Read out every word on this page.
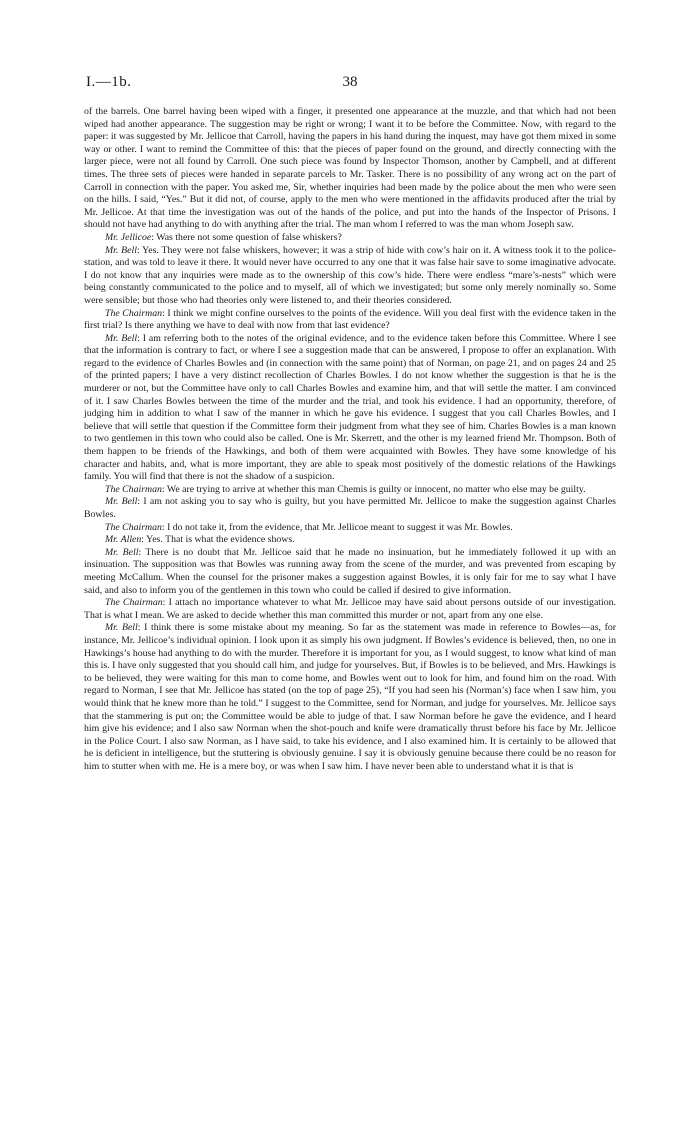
I.—1b.	38

of the barrels. One barrel having been wiped with a finger, it presented one appearance at the muzzle, and that which had not been wiped had another appearance. The suggestion may be right or wrong; I want it to be before the Committee. Now, with regard to the paper: it was suggested by Mr. Jellicoe that Carroll, having the papers in his hand during the inquest, may have got them mixed in some way or other. I want to remind the Committee of this: that the pieces of paper found on the ground, and directly connecting with the larger piece, were not all found by Carroll. One such piece was found by Inspector Thomson, another by Campbell, and at different times. The three sets of pieces were handed in separate parcels to Mr. Tasker. There is no possibility of any wrong act on the part of Carroll in connection with the paper. You asked me, Sir, whether inquiries had been made by the police about the men who were seen on the hills. I said, “Yes.” But it did not, of course, apply to the men who were mentioned in the affidavits produced after the trial by Mr. Jellicoe. At that time the investigation was out of the hands of the police, and put into the hands of the Inspector of Prisons. I should not have had anything to do with anything after the trial. The man whom I referred to was the man whom Joseph saw.

Mr. Jellicoe: Was there not some question of false whiskers?

Mr. Bell: Yes. They were not false whiskers, however; it was a strip of hide with cow’s hair on it. A witness took it to the police-station, and was told to leave it there. It would never have occurred to any one that it was false hair save to some imaginative advocate. I do not know that any inquiries were made as to the ownership of this cow’s hide. There were endless “mare’s-nests” which were being constantly communicated to the police and to myself, all of which we investigated; but some only merely nominally so. Some were sensible; but those who had theories only were listened to, and their theories considered.

The Chairman: I think we might confine ourselves to the points of the evidence. Will you deal first with the evidence taken in the first trial? Is there anything we have to deal with now from that last evidence?

Mr. Bell: I am referring both to the notes of the original evidence, and to the evidence taken before this Committee. Where I see that the information is contrary to fact, or where I see a suggestion made that can be answered, I propose to offer an explanation. With regard to the evidence of Charles Bowles and (in connection with the same point) that of Norman, on page 21, and on pages 24 and 25 of the printed papers; I have a very distinct recollection of Charles Bowles. I do not know whether the suggestion is that he is the murderer or not, but the Committee have only to call Charles Bowles and examine him, and that will settle the matter. I am convinced of it. I saw Charles Bowles between the time of the murder and the trial, and took his evidence. I had an opportunity, therefore, of judging him in addition to what I saw of the manner in which he gave his evidence. I suggest that you call Charles Bowles, and I believe that will settle that question if the Committee form their judgment from what they see of him. Charles Bowles is a man known to two gentlemen in this town who could also be called. One is Mr. Skerrett, and the other is my learned friend Mr. Thompson. Both of them happen to be friends of the Hawkings, and both of them were acquainted with Bowles. They have some knowledge of his character and habits, and, what is more important, they are able to speak most positively of the domestic relations of the Hawkings family. You will find that there is not the shadow of a suspicion.

The Chairman: We are trying to arrive at whether this man Chemis is guilty or innocent, no matter who else may be guilty.

Mr. Bell: I am not asking you to say who is guilty, but you have permitted Mr. Jellicoe to make the suggestion against Charles Bowles.

The Chairman: I do not take it, from the evidence, that Mr. Jellicoe meant to suggest it was Mr. Bowles.

Mr. Allen: Yes. That is what the evidence shows.

Mr. Bell: There is no doubt that Mr. Jellicoe said that he made no insinuation, but he immediately followed it up with an insinuation. The supposition was that Bowles was running away from the scene of the murder, and was prevented from escaping by meeting McCallum. When the counsel for the prisoner makes a suggestion against Bowles, it is only fair for me to say what I have said, and also to inform you of the gentlemen in this town who could be called if desired to give information.

The Chairman: I attach no importance whatever to what Mr. Jellicoe may have said about persons outside of our investigation. That is what I mean. We are asked to decide whether this man committed this murder or not, apart from any one else.

Mr. Bell: I think there is some mistake about my meaning. So far as the statement was made in reference to Bowles—as, for instance, Mr. Jellicoe’s individual opinion. I look upon it as simply his own judgment. If Bowles’s evidence is believed, then, no one in Hawkings’s house had anything to do with the murder. Therefore it is important for you, as I would suggest, to know what kind of man this is. I have only suggested that you should call him, and judge for yourselves. But, if Bowles is to be believed, and Mrs. Hawkings is to be believed, they were waiting for this man to come home, and Bowles went out to look for him, and found him on the road. With regard to Norman, I see that Mr. Jellicoe has stated (on the top of page 25), “If you had seen his (Norman’s) face when I saw him, you would think that he knew more than he told.” I suggest to the Committee, send for Norman, and judge for yourselves. Mr. Jellicoe says that the stammering is put on; the Committee would be able to judge of that. I saw Norman before he gave the evidence, and I heard him give his evidence; and I also saw Norman when the shot-pouch and knife were dramatically thrust before his face by Mr. Jellicoe in the Police Court. I also saw Norman, as I have said, to take his evidence, and I also examined him. It is certainly to be allowed that he is deficient in intelligence, but the stuttering is obviously genuine. I say it is obviously genuine because there could be no reason for him to stutter when with me. He is a mere boy, or was when I saw him. I have never been able to understand what it is that is
